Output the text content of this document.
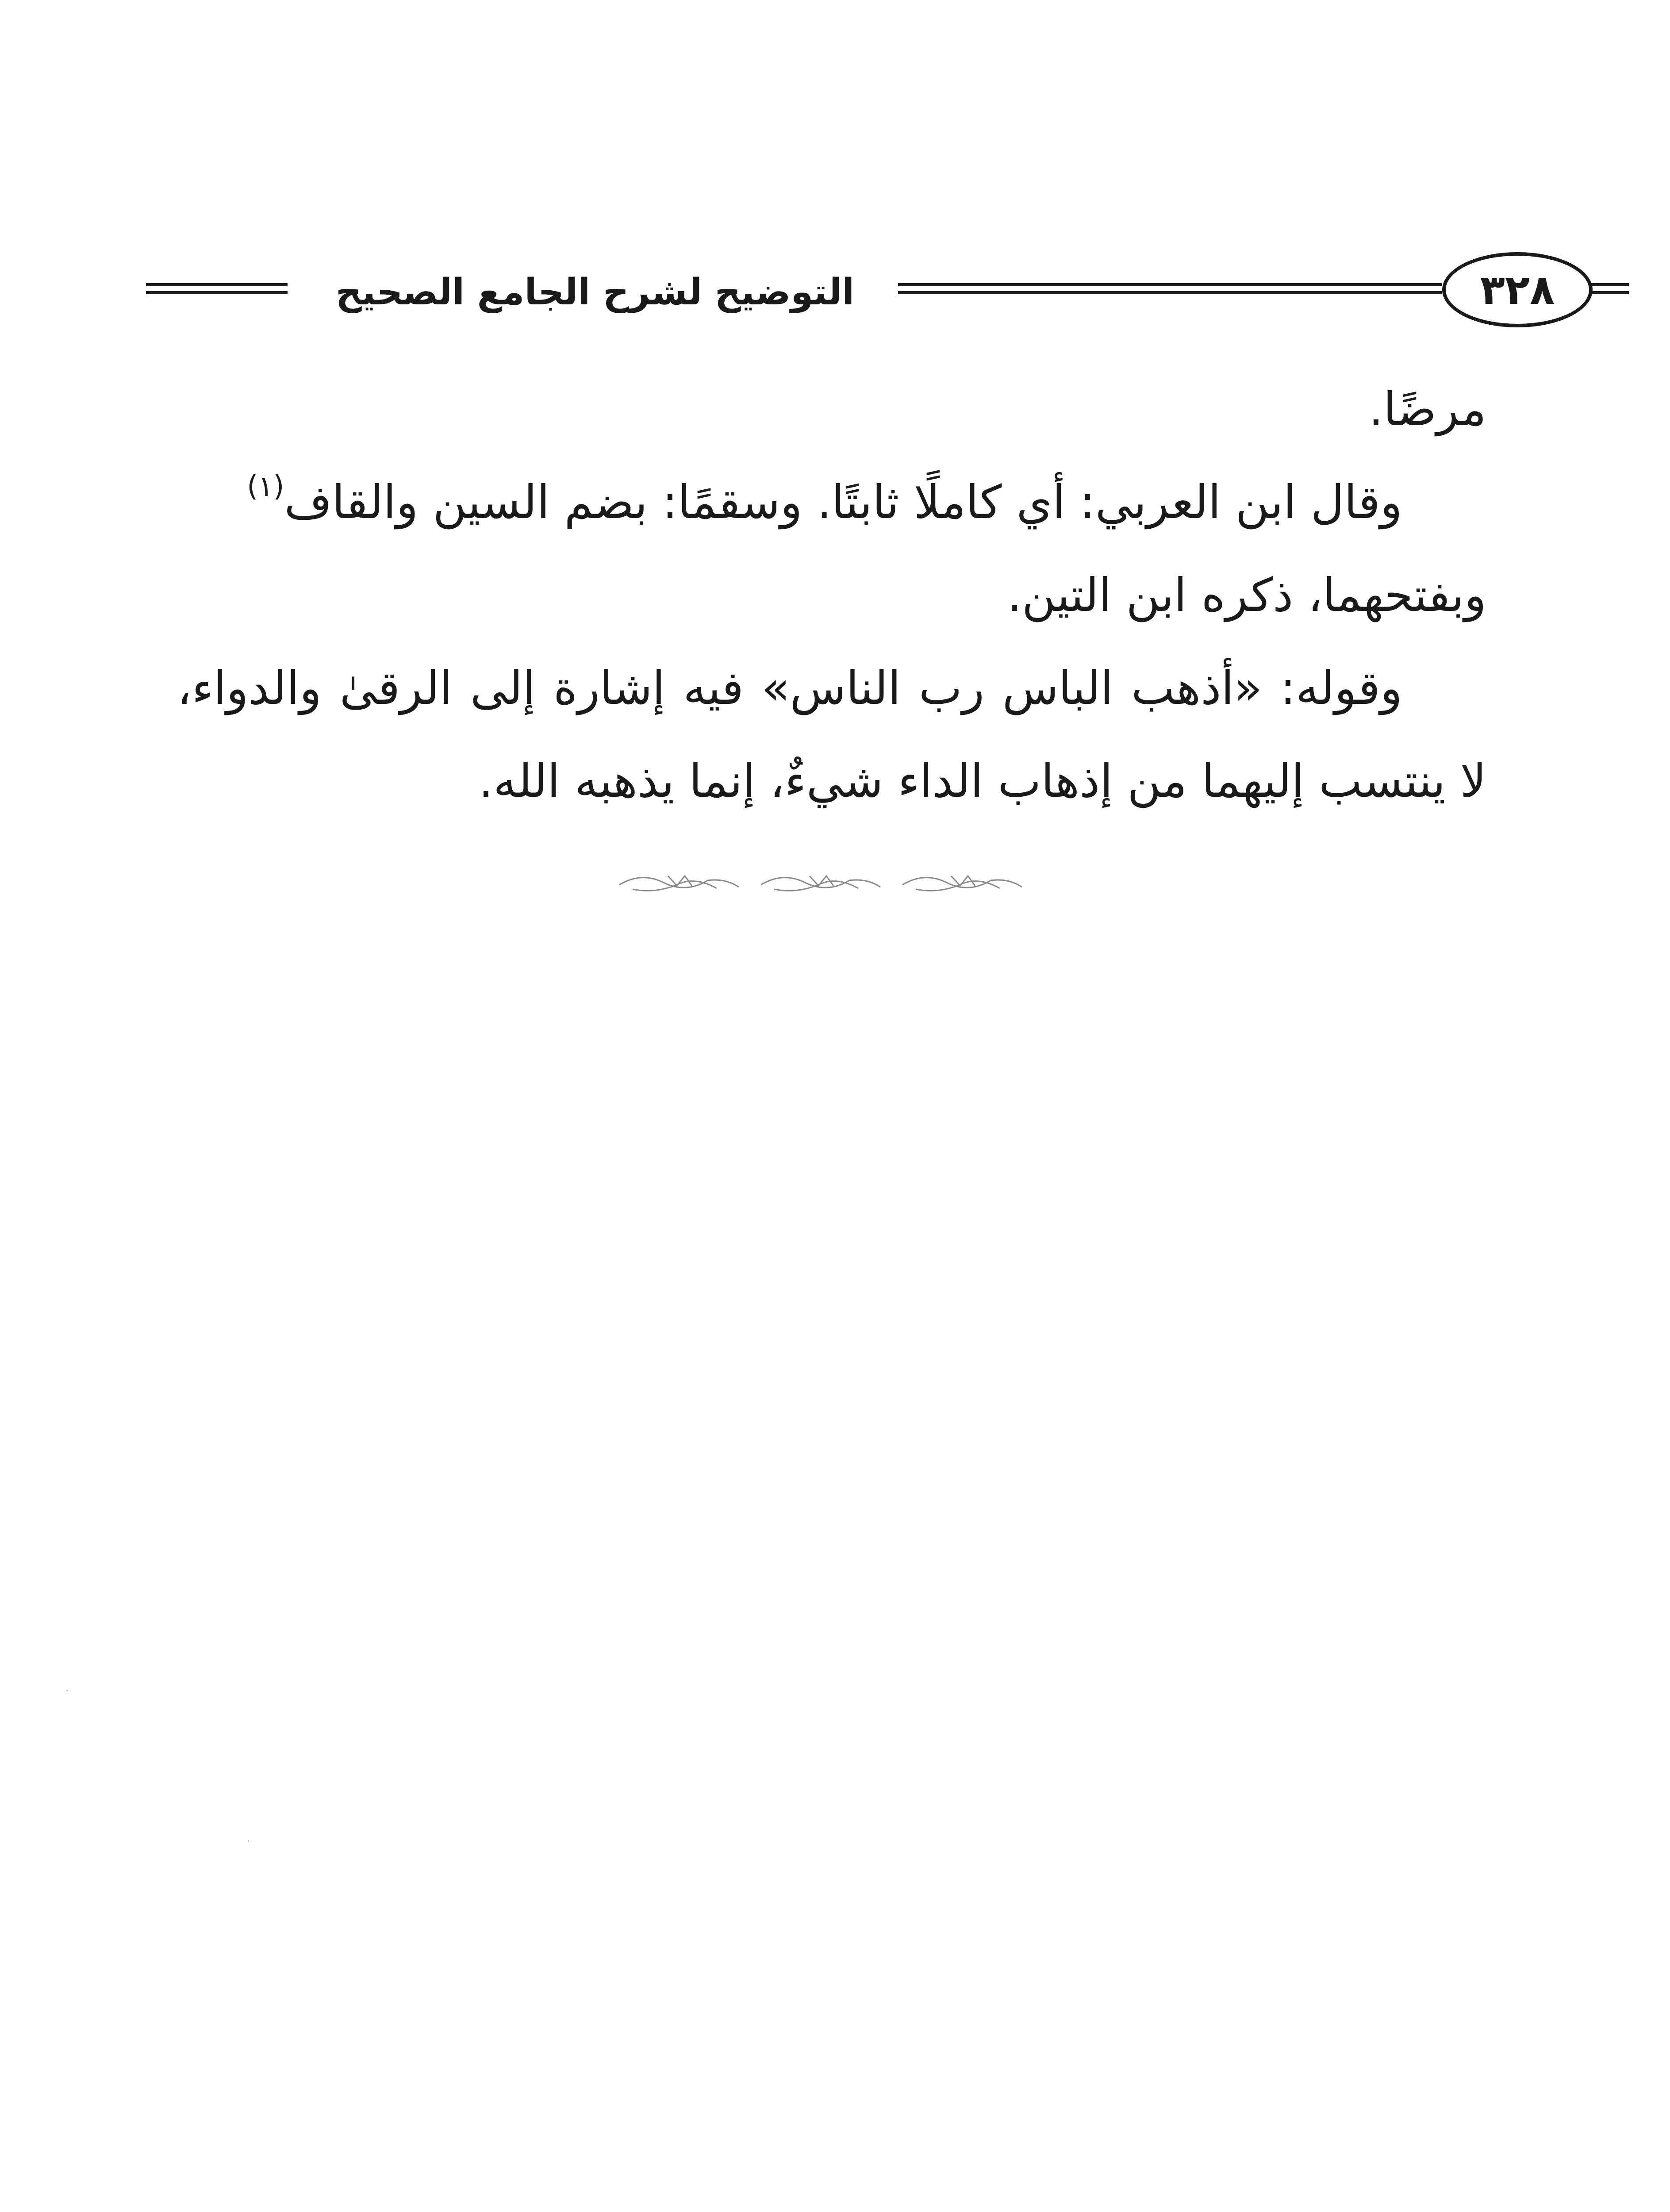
التوضيح لشرح الجامع الصحيح	٣٢٨

مرضًا.

وقال ابن العربي: أي كاملًا ثابتًا. وسقمًا: بضم السين والقاف$^{(١)}$

وبفتحهما، ذكره ابن التين.

وقوله: «أذهب الباس رب الناس» فيه إشارة إلى الرقىٰ والدواء، لا ينتسب إليهما من إذهاب الداء شيءٌ، إنما يذهبه الله.
